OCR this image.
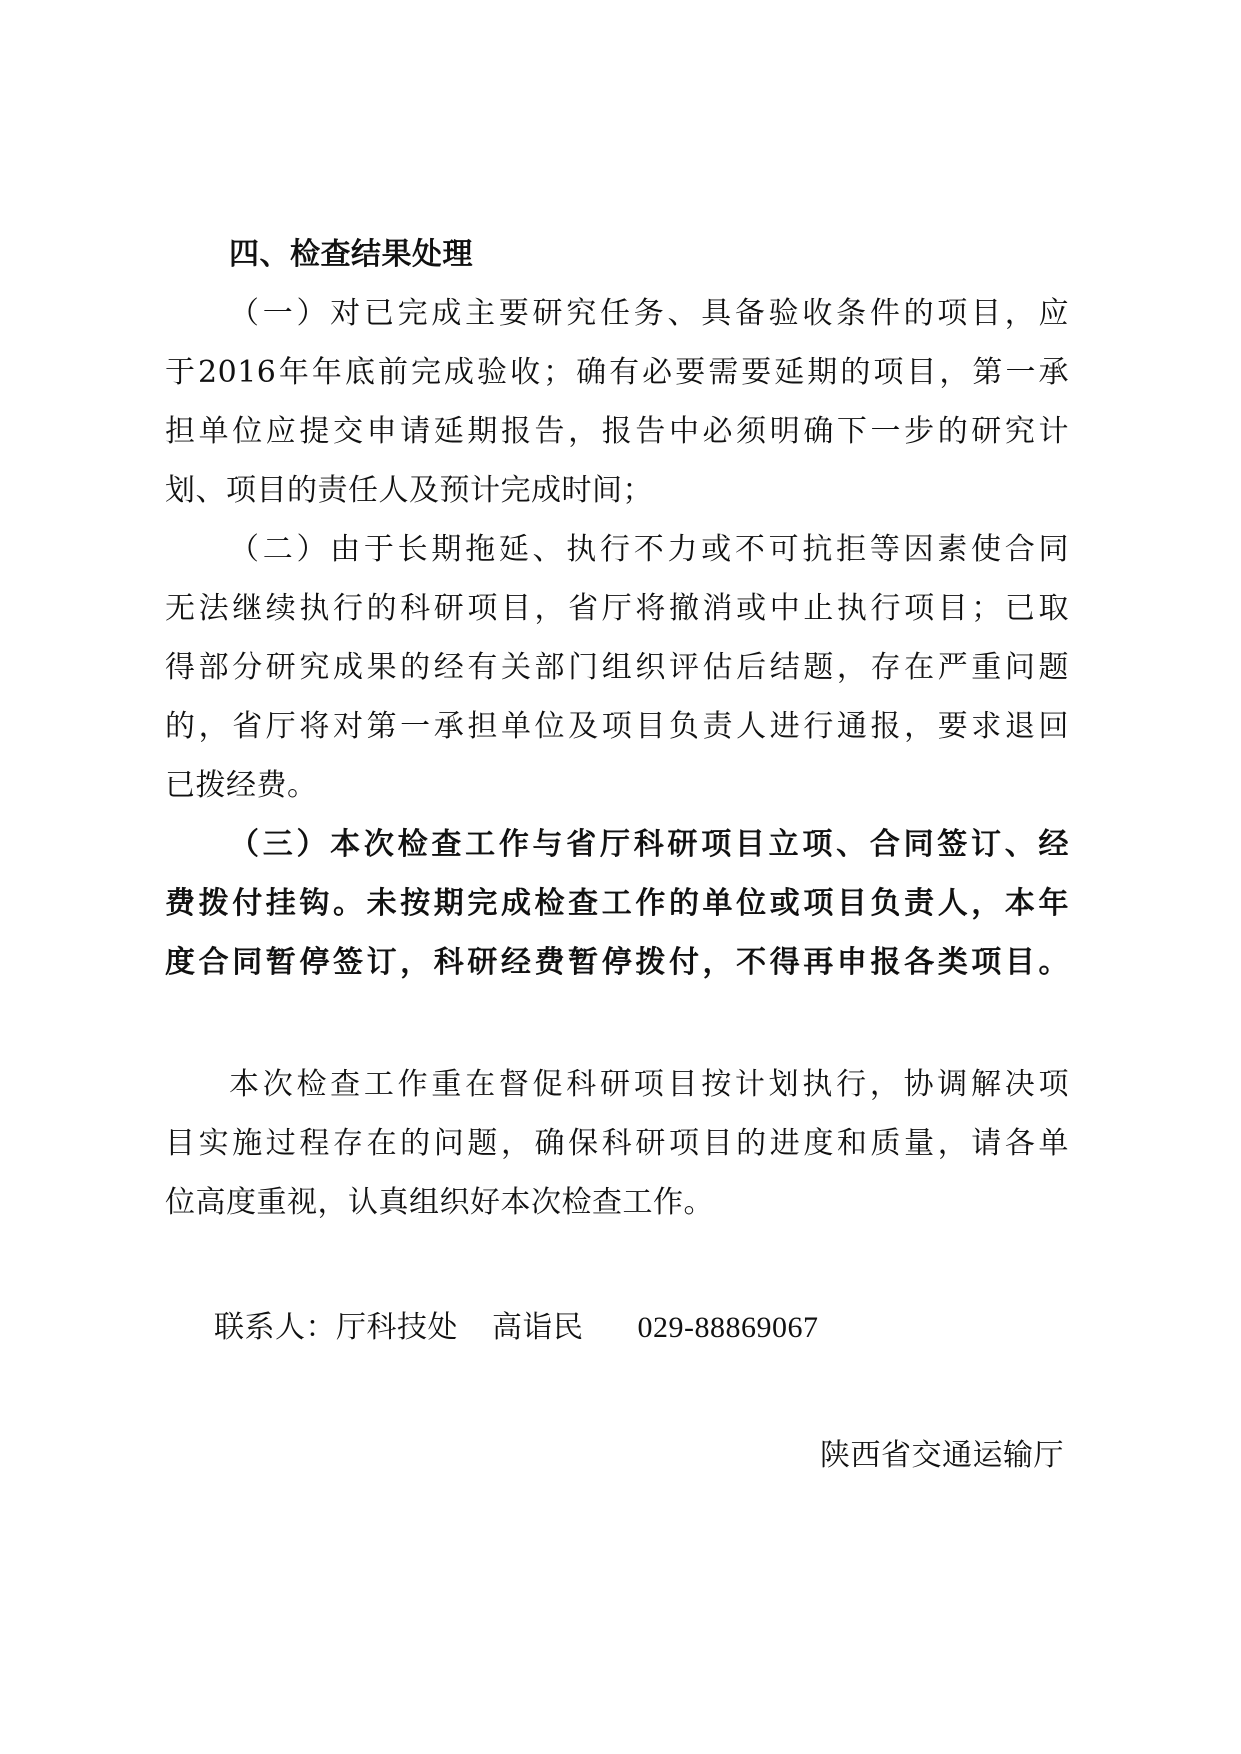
四、检查结果处理
（一）对已完成主要研究任务、具备验收条件的项目，应
于2016年年底前完成验收；确有必要需要延期的项目，第一承
担单位应提交申请延期报告，报告中必须明确下一步的研究计
划、项目的责任人及预计完成时间；
（二）由于长期拖延、执行不力或不可抗拒等因素使合同
无法继续执行的科研项目，省厅将撤消或中止执行项目；已取
得部分研究成果的经有关部门组织评估后结题，存在严重问题
的，省厅将对第一承担单位及项目负责人进行通报，要求退回
已拨经费。
（三）本次检查工作与省厅科研项目立项、合同签订、经
费拨付挂钩。未按期完成检查工作的单位或项目负责人，本年
度合同暂停签订，科研经费暂停拨付，不得再申报各类项目。
本次检查工作重在督促科研项目按计划执行，协调解决项
目实施过程存在的问题，确保科研项目的进度和质量，请各单
位高度重视，认真组织好本次检查工作。
联系人：厅科技处 高诣民 029-88869067
陕西省交通运输厅
